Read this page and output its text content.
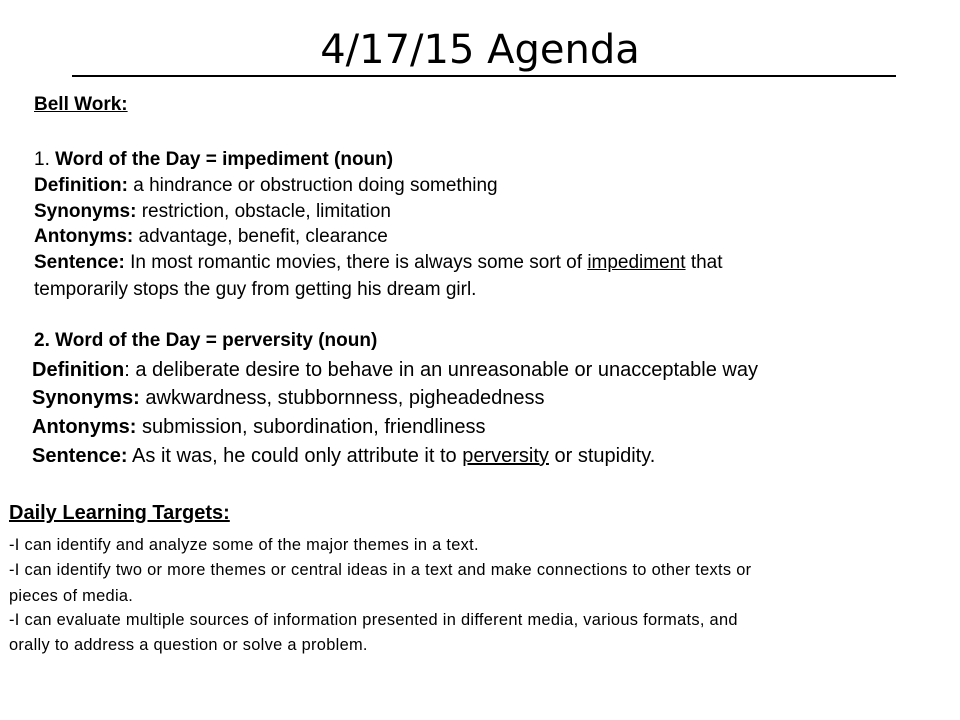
4/17/15 Agenda
Bell Work:
1. Word of the Day = impediment (noun)
Definition: a hindrance or obstruction doing something
Synonyms: restriction, obstacle, limitation
Antonyms: advantage, benefit, clearance
Sentence: In most romantic movies, there is always some sort of impediment that
temporarily stops the guy from getting his dream girl.
2. Word of the Day = perversity (noun)
Definition: a deliberate desire to behave in an unreasonable or unacceptable way
Synonyms: awkwardness, stubbornness, pigheadedness
Antonyms: submission, subordination, friendliness
Sentence: As it was, he could only attribute it to perversity or stupidity.
Daily Learning Targets:
-I can identify and analyze some of the major themes in a text.
-I can identify two or more themes or central ideas in a text and make connections to other texts or
pieces of media.
-I can evaluate multiple sources of information presented in different media, various formats, and
orally to address a question or solve a problem.
